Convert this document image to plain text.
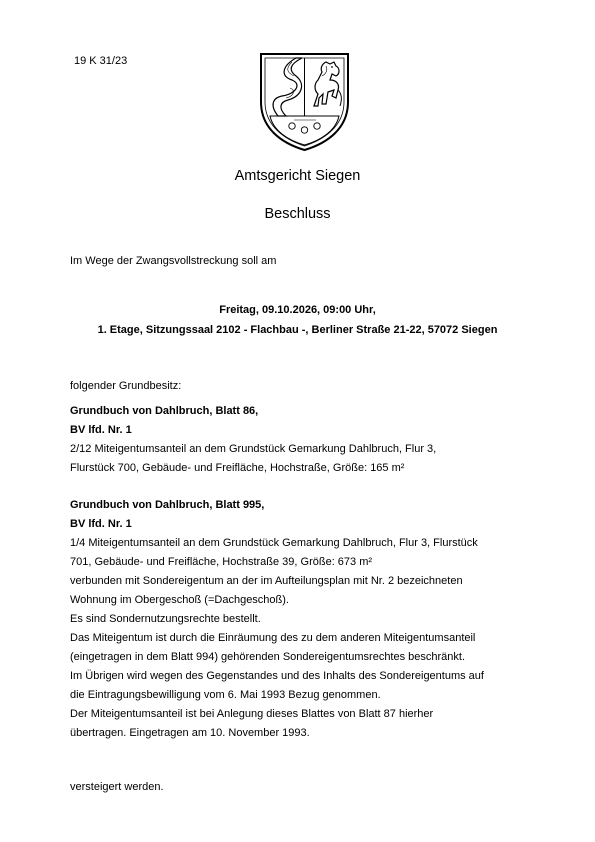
19 K 31/23
Amtsgericht Siegen
Beschluss
Im Wege der Zwangsvollstreckung soll am
Freitag, 09.10.2026, 09:00 Uhr,
1. Etage, Sitzungssaal 2102 - Flachbau -, Berliner Straße 21-22, 57072 Siegen
folgender Grundbesitz:
Grundbuch von Dahlbruch, Blatt 86,
BV lfd. Nr. 1
2/12 Miteigentumsanteil an dem Grundstück Gemarkung Dahlbruch, Flur 3,
Flurstück 700, Gebäude- und Freifläche, Hochstraße, Größe: 165 m²
Grundbuch von Dahlbruch, Blatt 995,
BV lfd. Nr. 1
1/4 Miteigentumsanteil an dem Grundstück Gemarkung Dahlbruch, Flur 3, Flurstück
701, Gebäude- und Freifläche, Hochstraße 39, Größe: 673 m²
verbunden mit Sondereigentum an der im Aufteilungsplan mit Nr. 2 bezeichneten
Wohnung im Obergeschoß (=Dachgeschoß).
Es sind Sondernutzungsrechte bestellt.
Das Miteigentum ist durch die Einräumung des zu dem anderen Miteigentumsanteil
(eingetragen in dem Blatt 994) gehörenden Sondereigentumsrechtes beschränkt.
Im Übrigen wird wegen des Gegenstandes und des Inhalts des Sondereigentums auf
die Eintragungsbewilligung vom 6. Mai 1993 Bezug genommen.
Der Miteigentumsanteil ist bei Anlegung dieses Blattes von Blatt 87 hierher
übertragen. Eingetragen am 10. November 1993.
versteigert werden.
